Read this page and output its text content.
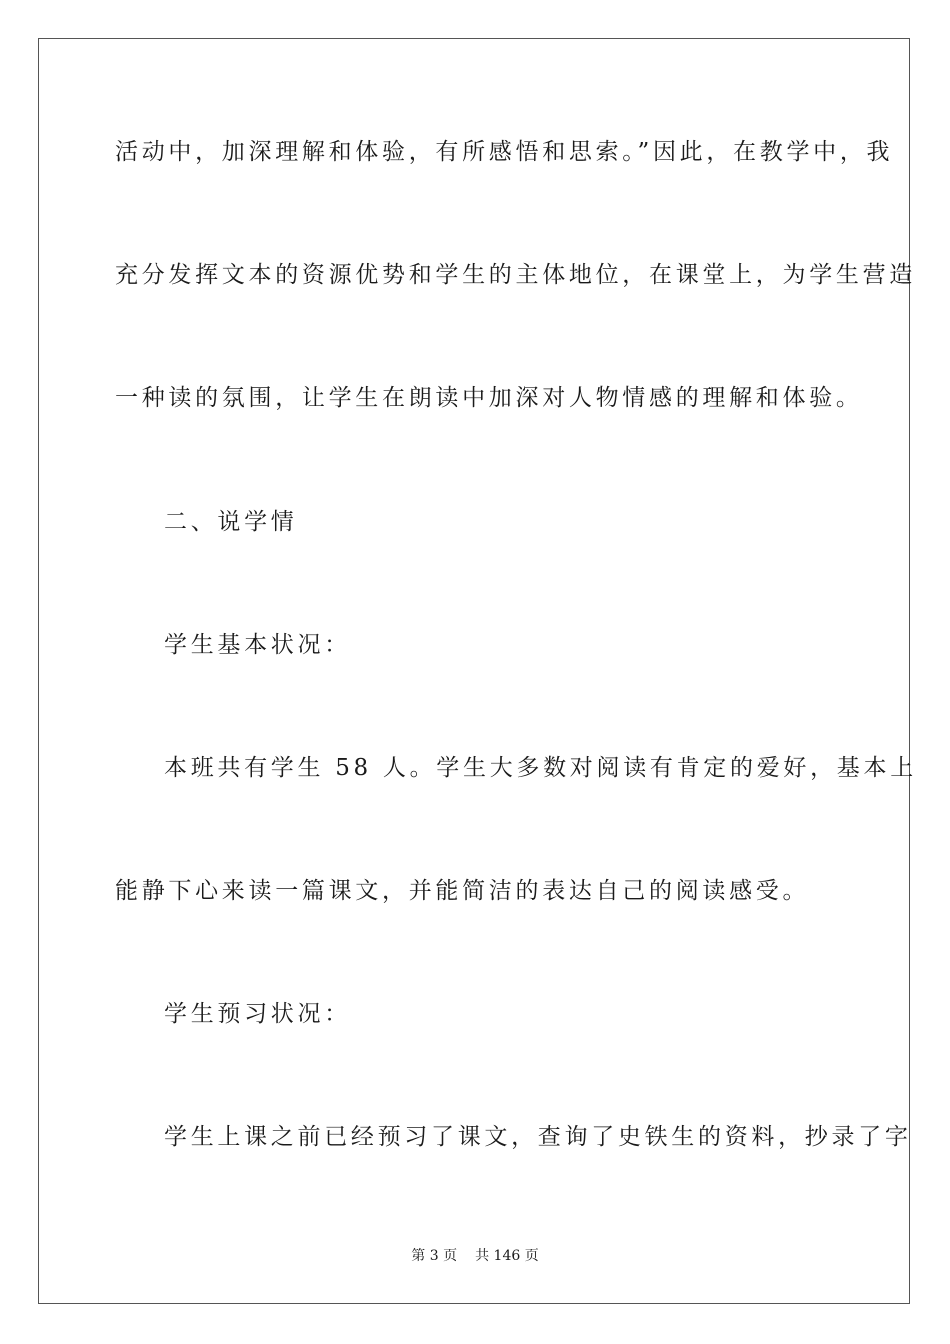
活动中，加深理解和体验，有所感悟和思索。”因此，在教学中，我
充分发挥文本的资源优势和学生的主体地位，在课堂上，为学生营造
一种读的氛围，让学生在朗读中加深对人物情感的理解和体验。
二、说学情
学生基本状况：
本班共有学生 58 人。学生大多数对阅读有肯定的爱好，基本上
能静下心来读一篇课文，并能简洁的表达自己的阅读感受。
学生预习状况：
学生上课之前已经预习了课文，查询了史铁生的资料，抄录了字
第 3 页 共 146 页
